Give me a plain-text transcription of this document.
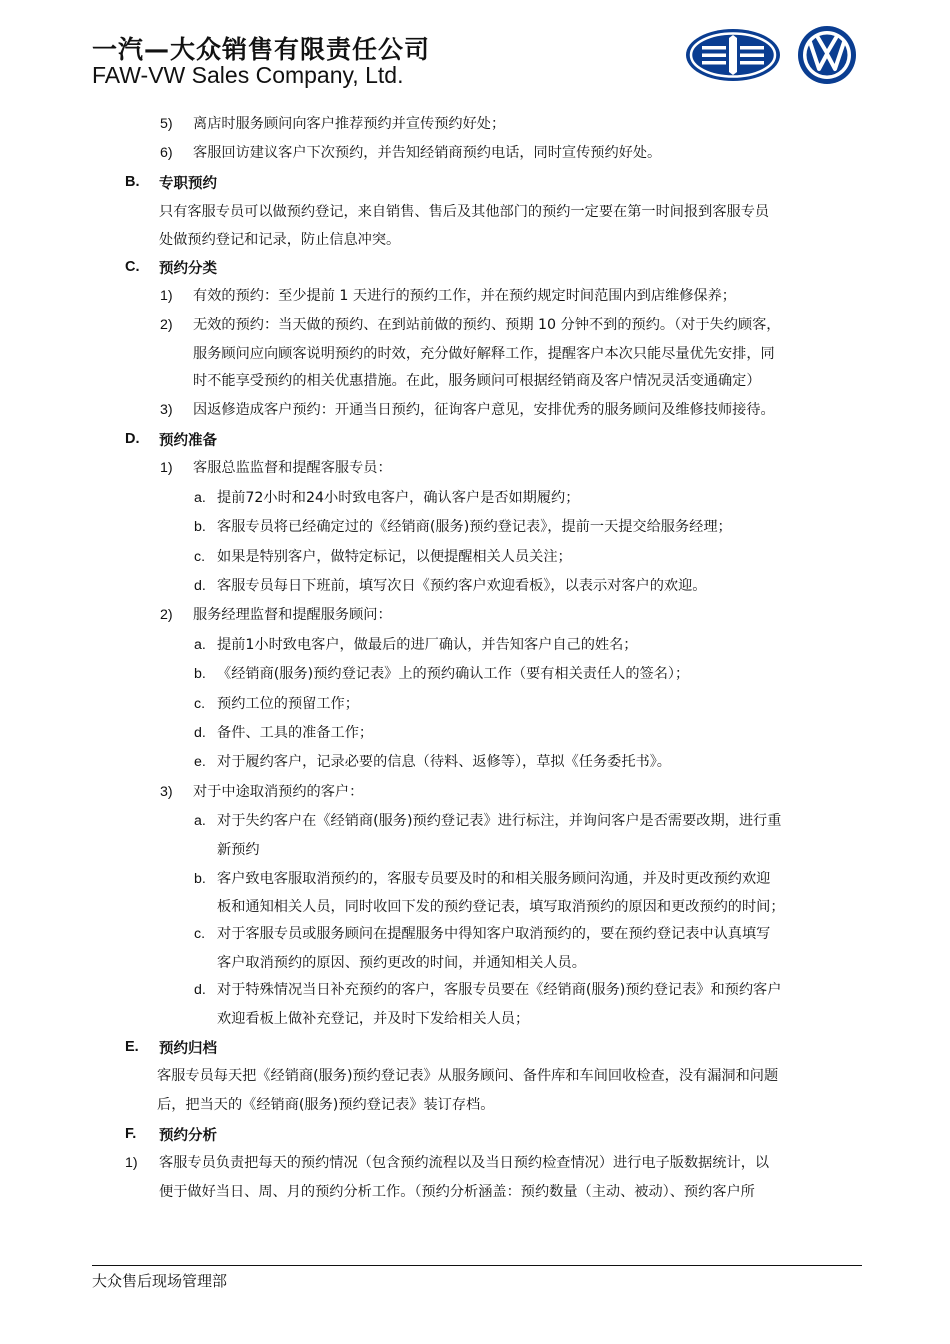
一汽—大众销售有限责任公司
FAW-VW Sales Company, Ltd.
5) 离店时服务顾问向客户推荐预约并宣传预约好处；
6) 客服回访建议客户下次预约，并告知经销商预约电话，同时宣传预约好处。
B. 专职预约
只有客服专员可以做预约登记，来自销售、售后及其他部门的预约一定要在第一时间报到客服专员
处做预约登记和记录，防止信息冲突。
C. 预约分类
1) 有效的预约：至少提前 1 天进行的预约工作，并在预约规定时间范围内到店维修保养；
2) 无效的预约：当天做的预约、在到站前做的预约、预期 10 分钟不到的预约。（对于失约顾客，
服务顾问应向顾客说明预约的时效，充分做好解释工作，提醒客户本次只能尽量优先安排，同
时不能享受预约的相关优惠措施。在此，服务顾问可根据经销商及客户情况灵活变通确定）
3) 因返修造成客户预约：开通当日预约，征询客户意见，安排优秀的服务顾问及维修技师接待。
D. 预约准备
1) 客服总监监督和提醒客服专员：
a. 提前72小时和24小时致电客户，确认客户是否如期履约；
b. 客服专员将已经确定过的《经销商(服务)预约登记表》，提前一天提交给服务经理；
c. 如果是特别客户，做特定标记，以便提醒相关人员关注；
d. 客服专员每日下班前，填写次日《预约客户欢迎看板》，以表示对客户的欢迎。
2) 服务经理监督和提醒服务顾问：
a. 提前1小时致电客户，做最后的进厂确认，并告知客户自己的姓名；
b. 《经销商(服务)预约登记表》上的预约确认工作（要有相关责任人的签名）；
c. 预约工位的预留工作；
d. 备件、工具的准备工作；
e. 对于履约客户，记录必要的信息（待料、返修等），草拟《任务委托书》。
3) 对于中途取消预约的客户：
a. 对于失约客户在《经销商(服务)预约登记表》进行标注，并询问客户是否需要改期，进行重
新预约
b. 客户致电客服取消预约的，客服专员要及时的和相关服务顾问沟通，并及时更改预约欢迎
板和通知相关人员，同时收回下发的预约登记表，填写取消预约的原因和更改预约的时间；
c. 对于客服专员或服务顾问在提醒服务中得知客户取消预约的，要在预约登记表中认真填写
客户取消预约的原因、预约更改的时间，并通知相关人员。
d. 对于特殊情况当日补充预约的客户，客服专员要在《经销商(服务)预约登记表》和预约客户
欢迎看板上做补充登记，并及时下发给相关人员；
E. 预约归档
客服专员每天把《经销商(服务)预约登记表》从服务顾问、备件库和车间回收检查，没有漏洞和问题
后，把当天的《经销商(服务)预约登记表》装订存档。
F. 预约分析
1) 客服专员负责把每天的预约情况（包含预约流程以及当日预约检查情况）进行电子版数据统计，以
便于做好当日、周、月的预约分析工作。（预约分析涵盖：预约数量（主动、被动）、预约客户所
大众售后现场管理部
